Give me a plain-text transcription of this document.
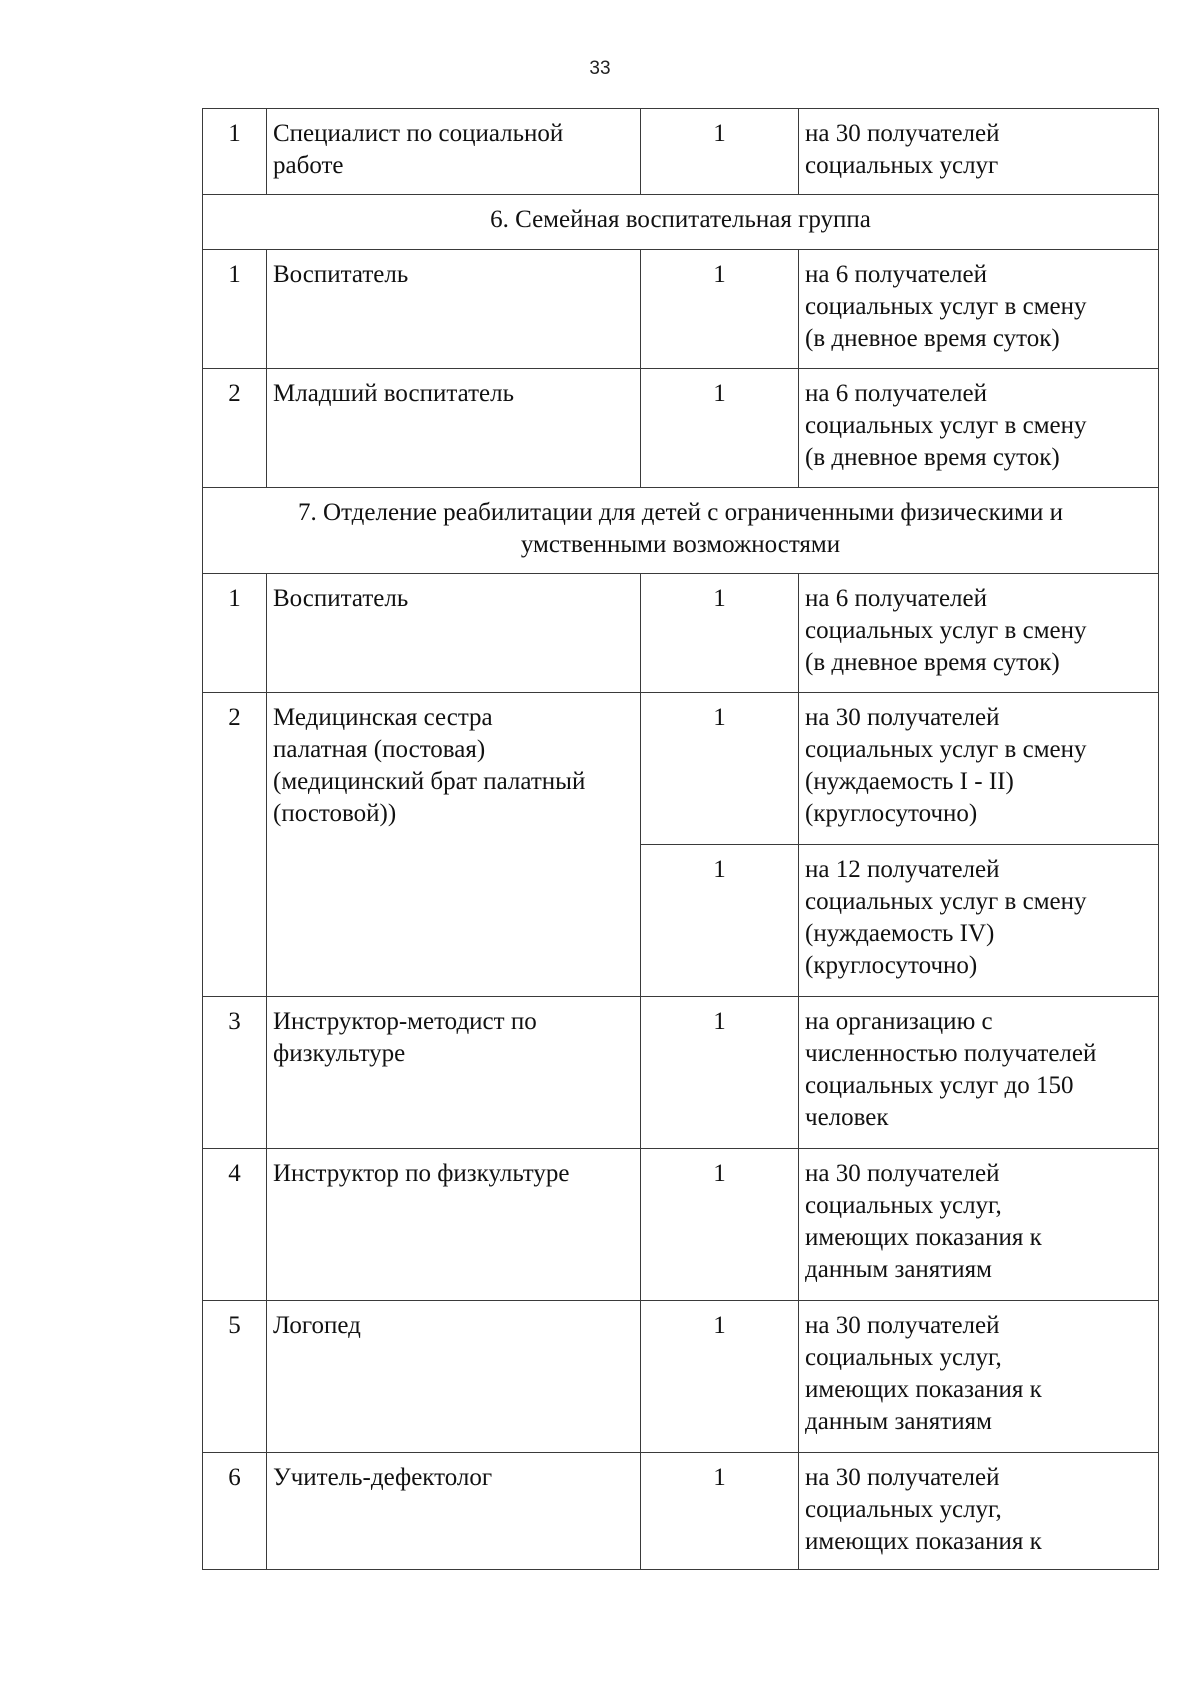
33
1	Специалист по социальной
работе	1	на 30 получателей
социальных услуг

6. Семейная воспитательная группа			

1	Воспитатель	1	на 6 получателей
социальных услуг в смену
(в дневное время суток)

2	Младший воспитатель	1	на 6 получателей
социальных услуг в смену
(в дневное время суток)

7. Отделение реабилитации для детей с ограниченными физическими и
умственными возможностями			

1	Воспитатель	1	на 6 получателей
социальных услуг в смену
(в дневное время суток)

2	Медицинская сестра
палатная (постовая)
(медицинский брат палатный
(постовой))	1	на 30 получателей
социальных услуг в смену
(нуждаемость I - II)
(круглосуточно)

		1	на 12 получателей
социальных услуг в смену
(нуждаемость IV)
(круглосуточно)

3	Инструктор-методист по
физкультуре	1	на организацию с
численностью получателей
социальных услуг до 150
человек

4	Инструктор по физкультуре	1	на 30 получателей
социальных услуг,
имеющих показания к
данным занятиям

5	Логопед	1	на 30 получателей
социальных услуг,
имеющих показания к
данным занятиям

6	Учитель-дефектолог	1	на 30 получателей
социальных услуг,
имеющих показания к
